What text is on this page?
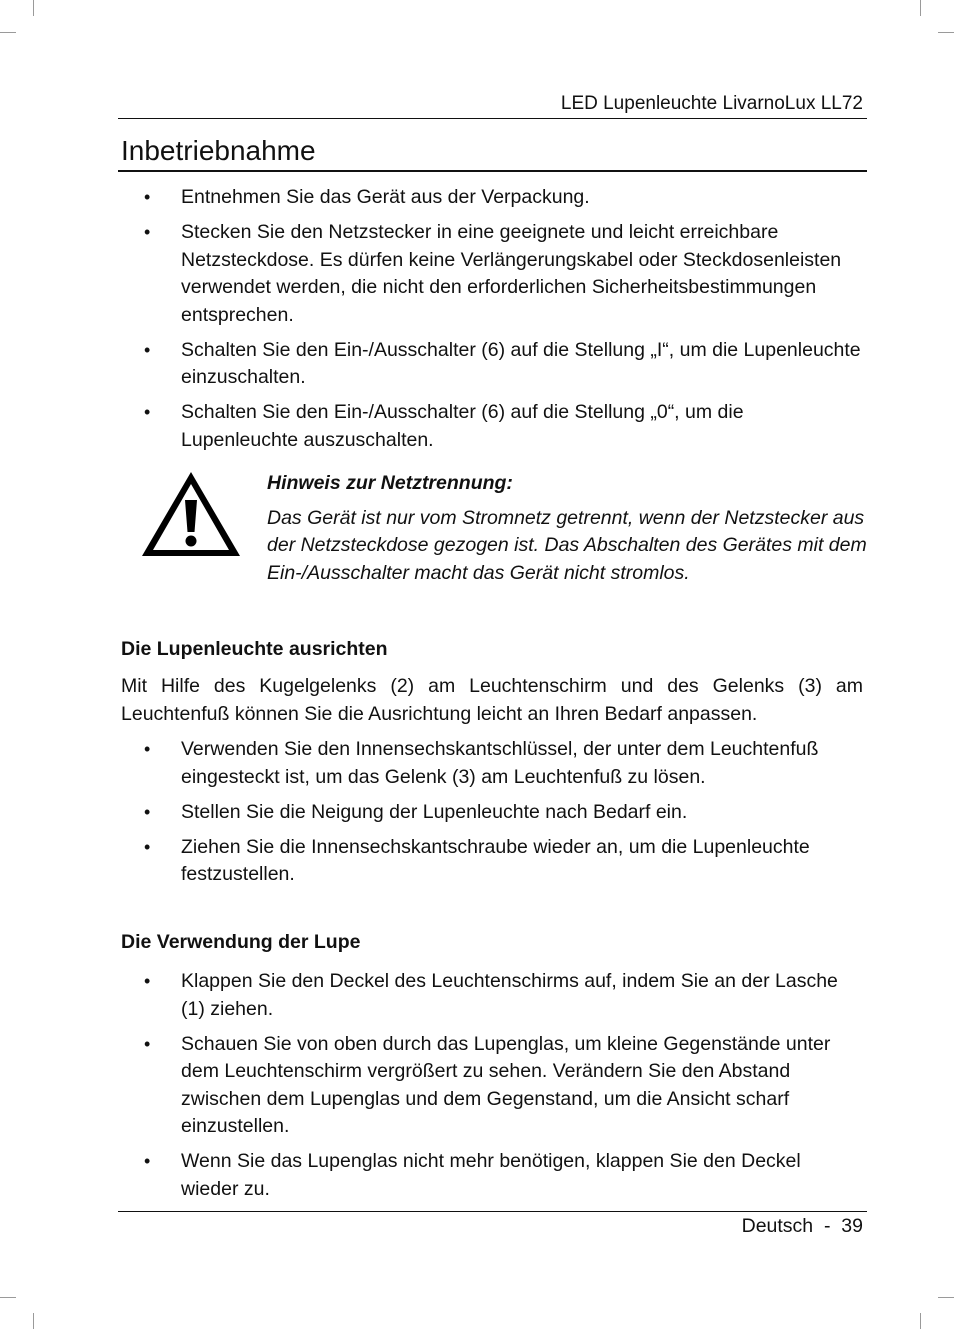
LED Lupenleuchte LivarnoLux LL72
Inbetriebnahme
• • Entnehmen Sie das Gerät aus der Verpackung.
• • Stecken Sie den Netzstecker in eine geeignete und leicht erreichbare Netzsteckdose. Es dürfen keine Verlängerungskabel oder Steckdosenleisten verwendet werden, die nicht den erforderlichen Sicherheitsbestimmungen entsprechen.
• • Schalten Sie den Ein-/Ausschalter (6) auf die Stellung „I“, um die Lupenleuchte einzuschalten.
• • Schalten Sie den Ein-/Ausschalter (6) auf die Stellung „0“, um die Lupenleuchte auszuschalten.
Hinweis zur Netztrennung:
Das Gerät ist nur vom Stromnetz getrennt, wenn der Netzstecker aus der Netzsteckdose gezogen ist. Das Abschalten des Gerätes mit dem Ein-/Ausschalter macht das Gerät nicht stromlos.
Die Lupenleuchte ausrichten
Mit Hilfe des Kugelgelenks (2) am Leuchtenschirm und des Gelenks (3) am Leuchtenfuß können Sie die Ausrichtung leicht an Ihren Bedarf anpassen.
• • Verwenden Sie den Innensechskantschlüssel, der unter dem Leuchtenfuß eingesteckt ist, um das Gelenk (3) am Leuchtenfuß zu lösen.
• • Stellen Sie die Neigung der Lupenleuchte nach Bedarf ein.
• • Ziehen Sie die Innensechskantschraube wieder an, um die Lupenleuchte festzustellen.
Die Verwendung der Lupe
• • Klappen Sie den Deckel des Leuchtenschirms auf, indem Sie an der Lasche (1) ziehen.
• • Schauen Sie von oben durch das Lupenglas, um kleine Gegenstände unter dem Leuchtenschirm vergrößert zu sehen. Verändern Sie den Abstand zwischen dem Lupenglas und dem Gegenstand, um die Ansicht scharf einzustellen.
• • Wenn Sie das Lupenglas nicht mehr benötigen, klappen Sie den Deckel wieder zu.
Deutsch  -  39
